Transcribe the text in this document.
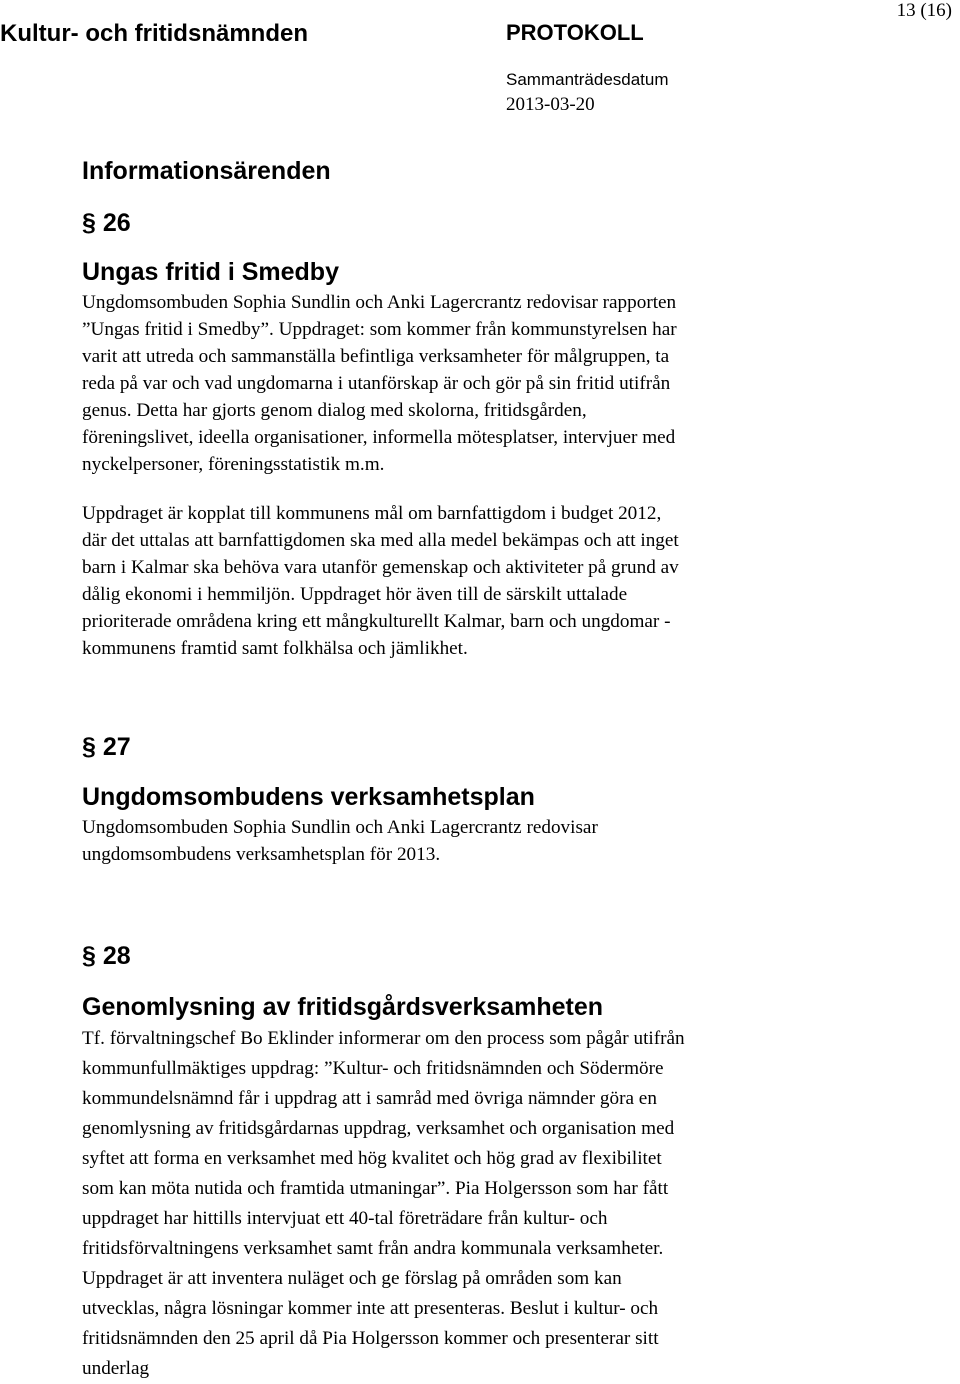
Kultur- och fritidsnämnden	PROTOKOLL
13 (16)
Sammanträdesdatum
2013-03-20
Informationsärenden
§ 26
Ungas fritid i Smedby
Ungdomsombuden Sophia Sundlin och Anki Lagercrantz redovisar rapporten
”Ungas fritid i Smedby”. Uppdraget: som kommer från kommunstyrelsen har
varit att utreda och sammanställa befintliga verksamheter för målgruppen, ta
reda på var och vad ungdomarna i utanförskap är och gör på sin fritid utifrån
genus. Detta har gjorts genom dialog med skolorna, fritidsgården,
föreningslivet, ideella organisationer, informella mötesplatser, intervjuer med
nyckelpersoner, föreningsstatistik m.m.
Uppdraget är kopplat till kommunens mål om barnfattigdom i budget 2012,
där det uttalas att barnfattigdomen ska med alla medel bekämpas och att inget
barn i Kalmar ska behöva vara utanför gemenskap och aktiviteter på grund av
dålig ekonomi i hemmiljön. Uppdraget hör även till de särskilt uttalade
prioriterade områdena kring ett mångkulturellt Kalmar, barn och ungdomar -
kommunens framtid samt folkhälsa och jämlikhet.
§ 27
Ungdomsombudens verksamhetsplan
Ungdomsombuden Sophia Sundlin och Anki Lagercrantz redovisar
ungdomsombudens verksamhetsplan för 2013.
§ 28
Genomlysning av fritidsgårdsverksamheten
Tf. förvaltningschef Bo Eklinder informerar om den process som pågår utifrån
kommunfullmäktiges uppdrag: ”Kultur- och fritidsnämnden och Södermöre
kommundelsnämnd får i uppdrag att i samråd med övriga nämnder göra en
genomlysning av fritidsgårdarnas uppdrag, verksamhet och organisation med
syftet att forma en verksamhet med hög kvalitet och hög grad av flexibilitet
som kan möta nutida och framtida utmaningar”. Pia Holgersson som har fått
uppdraget har hittills intervjuat ett 40-tal företrädare från kultur- och
fritidsförvaltningens verksamhet samt från andra kommunala verksamheter.
Uppdraget är att inventera nuläget och ge förslag på områden som kan
utvecklas, några lösningar kommer inte att presenteras. Beslut i kultur- och
fritidsnämnden den 25 april då Pia Holgersson kommer och presenterar sitt
underlag
